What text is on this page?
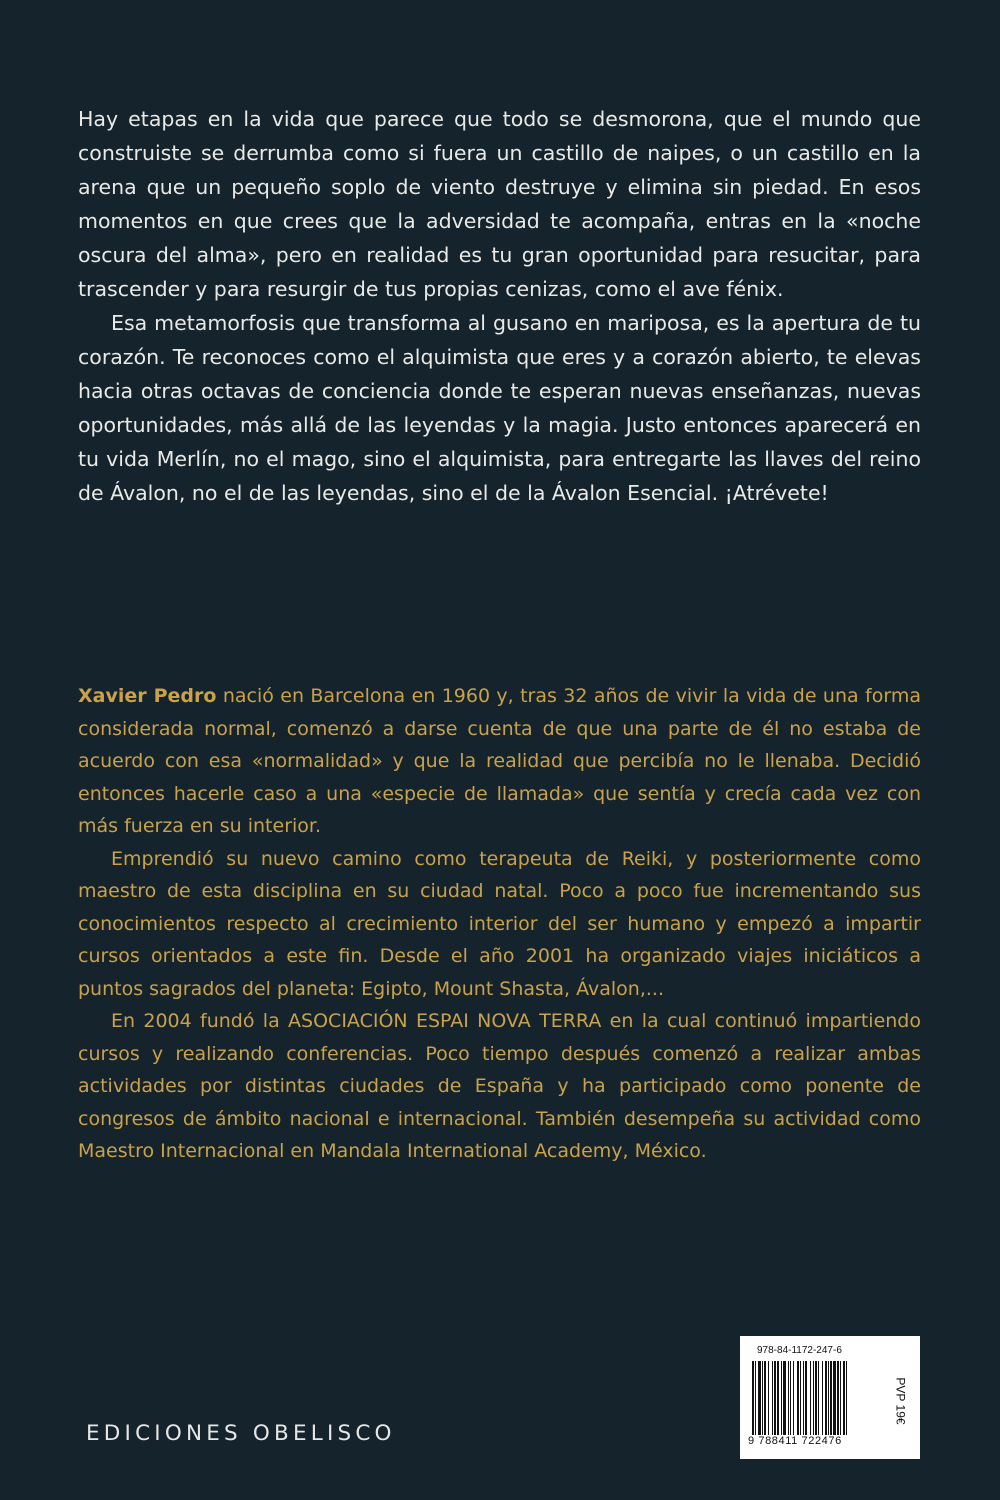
Hay etapas en la vida que parece que todo se desmorona, que el mundo que construiste se derrumba como si fuera un castillo de naipes, o un castillo en la arena que un pequeño soplo de viento destruye y elimina sin piedad. En esos momentos en que crees que la adversidad te acompaña, entras en la «noche oscura del alma», pero en realidad es tu gran oportunidad para resucitar, para trascender y para resurgir de tus propias cenizas, como el ave fénix.

Esa metamorfosis que transforma al gusano en mariposa, es la apertura de tu corazón. Te reconoces como el alquimista que eres y a corazón abierto, te elevas hacia otras octavas de conciencia donde te esperan nuevas enseñanzas, nuevas oportunidades, más allá de las leyendas y la magia. Justo entonces aparecerá en tu vida Merlín, no el mago, sino el alquimista, para entregarte las llaves del reino de Ávalon, no el de las leyendas, sino el de la Ávalon Esencial. ¡Atrévete!

Xavier Pedro nació en Barcelona en 1960 y, tras 32 años de vivir la vida de una forma considerada normal, comenzó a darse cuenta de que una parte de él no estaba de acuerdo con esa «normalidad» y que la realidad que percibía no le llenaba. Decidió entonces hacerle caso a una «especie de llamada» que sentía y crecía cada vez con más fuerza en su interior.

Emprendió su nuevo camino como terapeuta de Reiki, y posteriormente como maestro de esta disciplina en su ciudad natal. Poco a poco fue incrementando sus conocimientos respecto al crecimiento interior del ser humano y empezó a impartir cursos orientados a este fin. Desde el año 2001 ha organizado viajes iniciáticos a puntos sagrados del planeta: Egipto, Mount Shasta, Ávalon,...

En 2004 fundó la ASOCIACIÓN ESPAI NOVA TERRA en la cual continuó impartiendo cursos y realizando conferencias. Poco tiempo después comenzó a realizar ambas actividades por distintas ciudades de España y ha participado como ponente de congresos de ámbito nacional e internacional. También desempeña su actividad como Maestro Internacional en Mandala International Academy, México.

EDICIONES OBELISCO
978-84-1172-247-6
9 788411 722476
PVP 19€
